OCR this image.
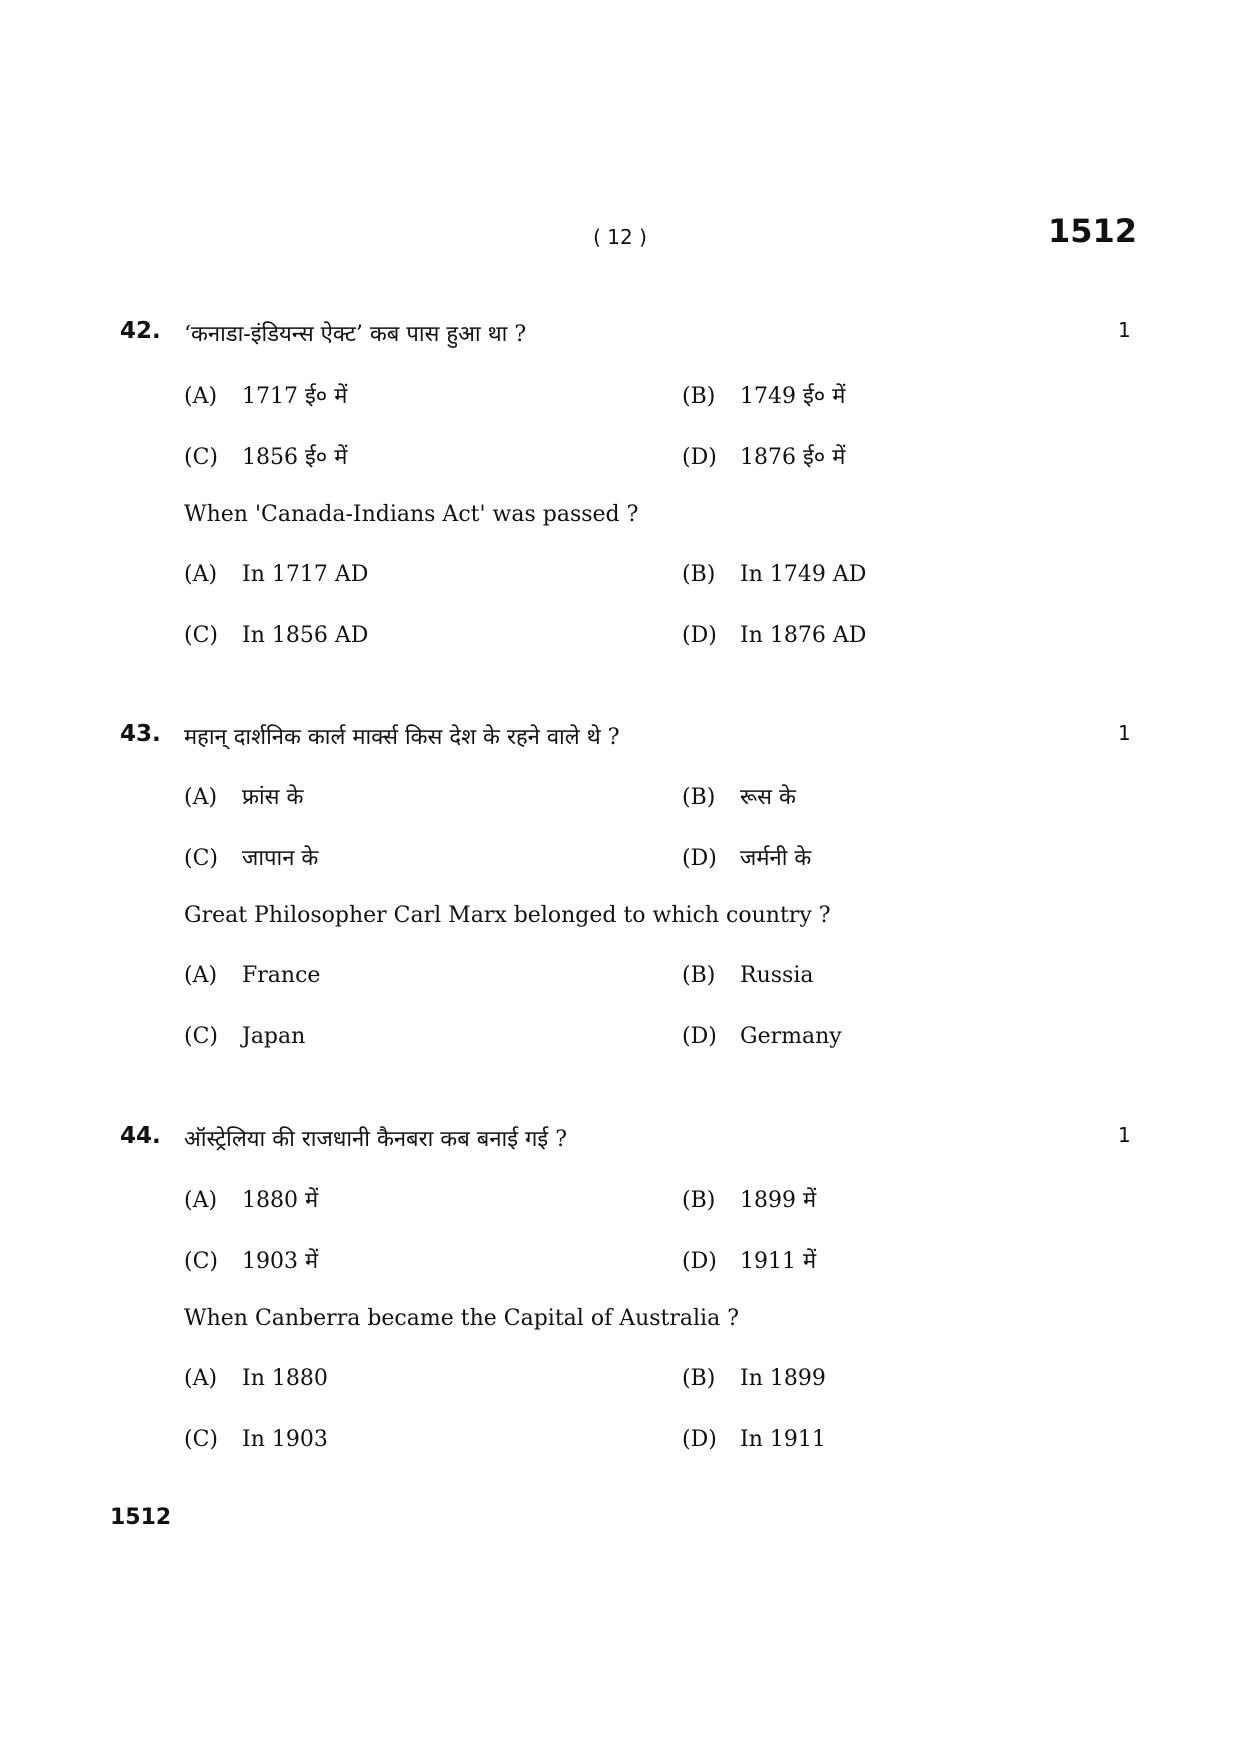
( 12 )	1512
42. ‘कनाडा-इंडियन्स ऐक्ट’ कब पास हुआ था ?	1
(A) 1717 ई० में	(B) 1749 ई० में
(C) 1856 ई० में	(D) 1876 ई० में
When 'Canada-Indians Act' was passed ?
(A) In 1717 AD	(B) In 1749 AD
(C) In 1856 AD	(D) In 1876 AD
43. महान् दार्शनिक कार्ल मार्क्स किस देश के रहने वाले थे ?	1
(A) फ्रांस के	(B) रूस के
(C) जापान के	(D) जर्मनी के
Great Philosopher Carl Marx belonged to which country ?
(A) France	(B) Russia
(C) Japan	(D) Germany
44. ऑस्ट्रेलिया की राजधानी कैनबरा कब बनाई गई ?	1
(A) 1880 में	(B) 1899 में
(C) 1903 में	(D) 1911 में
When Canberra became the Capital of Australia ?
(A) In 1880	(B) In 1899
(C) In 1903	(D) In 1911
1512
